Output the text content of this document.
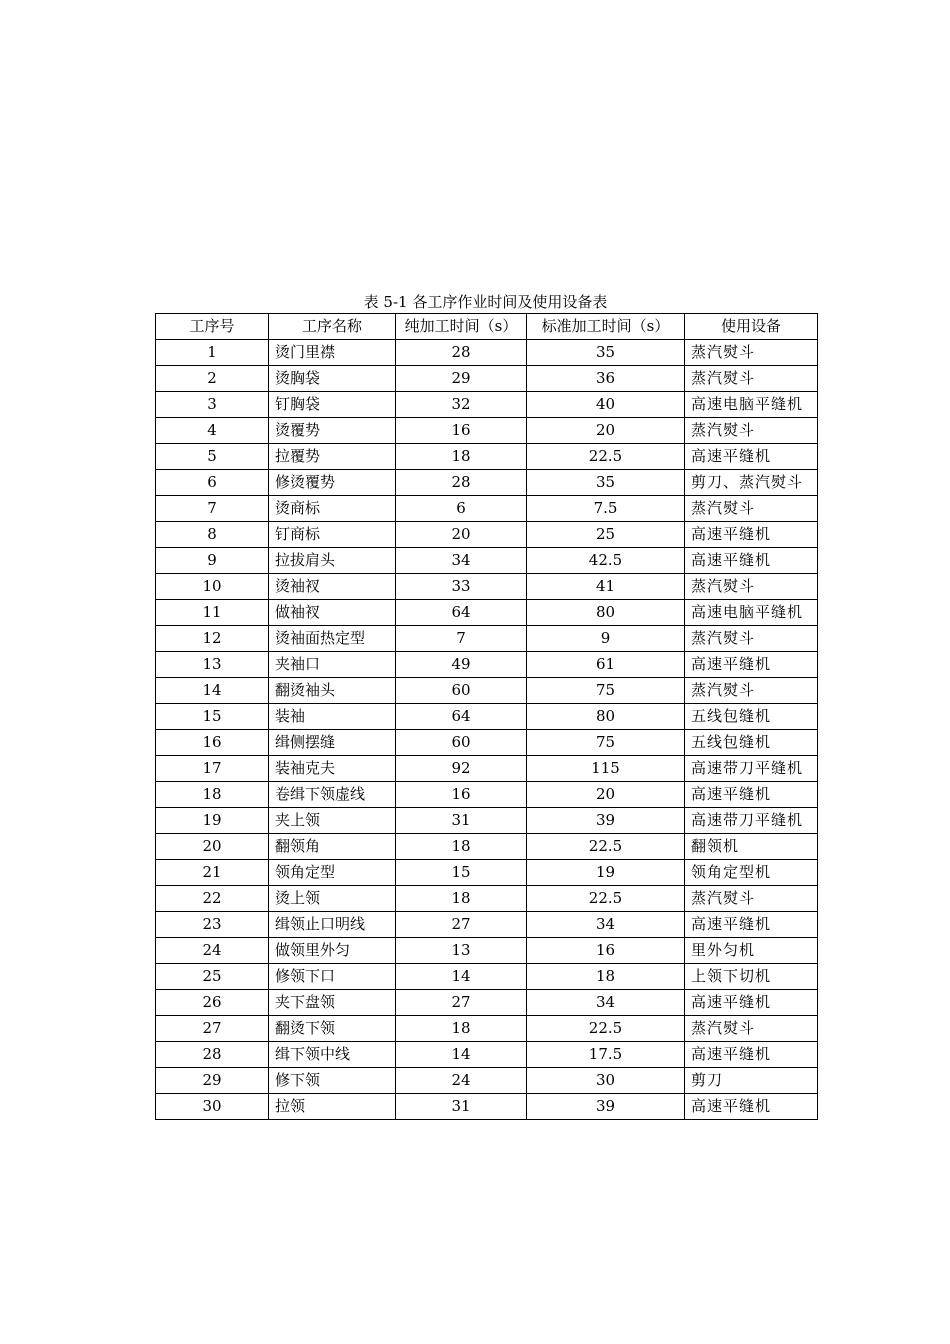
表 5-1 各工序作业时间及使用设备表
工序号	工序名称	纯加工时间（s）	标准加工时间（s）	使用设备
1	烫门里襟	28	35	蒸汽熨斗
2	烫胸袋	29	36	蒸汽熨斗
3	钉胸袋	32	40	高速电脑平缝机
4	烫覆势	16	20	蒸汽熨斗
5	拉覆势	18	22.5	高速平缝机
6	修烫覆势	28	35	剪刀、蒸汽熨斗
7	烫商标	6	7.5	蒸汽熨斗
8	钉商标	20	25	高速平缝机
9	拉拔肩头	34	42.5	高速平缝机
10	烫袖衩	33	41	蒸汽熨斗
11	做袖衩	64	80	高速电脑平缝机
12	烫袖面热定型	7	9	蒸汽熨斗
13	夹袖口	49	61	高速平缝机
14	翻烫袖头	60	75	蒸汽熨斗
15	装袖	64	80	五线包缝机
16	缉侧摆缝	60	75	五线包缝机
17	装袖克夫	92	115	高速带刀平缝机
18	卷缉下领虚线	16	20	高速平缝机
19	夹上领	31	39	高速带刀平缝机
20	翻领角	18	22.5	翻领机
21	领角定型	15	19	领角定型机
22	烫上领	18	22.5	蒸汽熨斗
23	缉领止口明线	27	34	高速平缝机
24	做领里外匀	13	16	里外匀机
25	修领下口	14	18	上领下切机
26	夹下盘领	27	34	高速平缝机
27	翻烫下领	18	22.5	蒸汽熨斗
28	缉下领中线	14	17.5	高速平缝机
29	修下领	24	30	剪刀
30	拉领	31	39	高速平缝机
